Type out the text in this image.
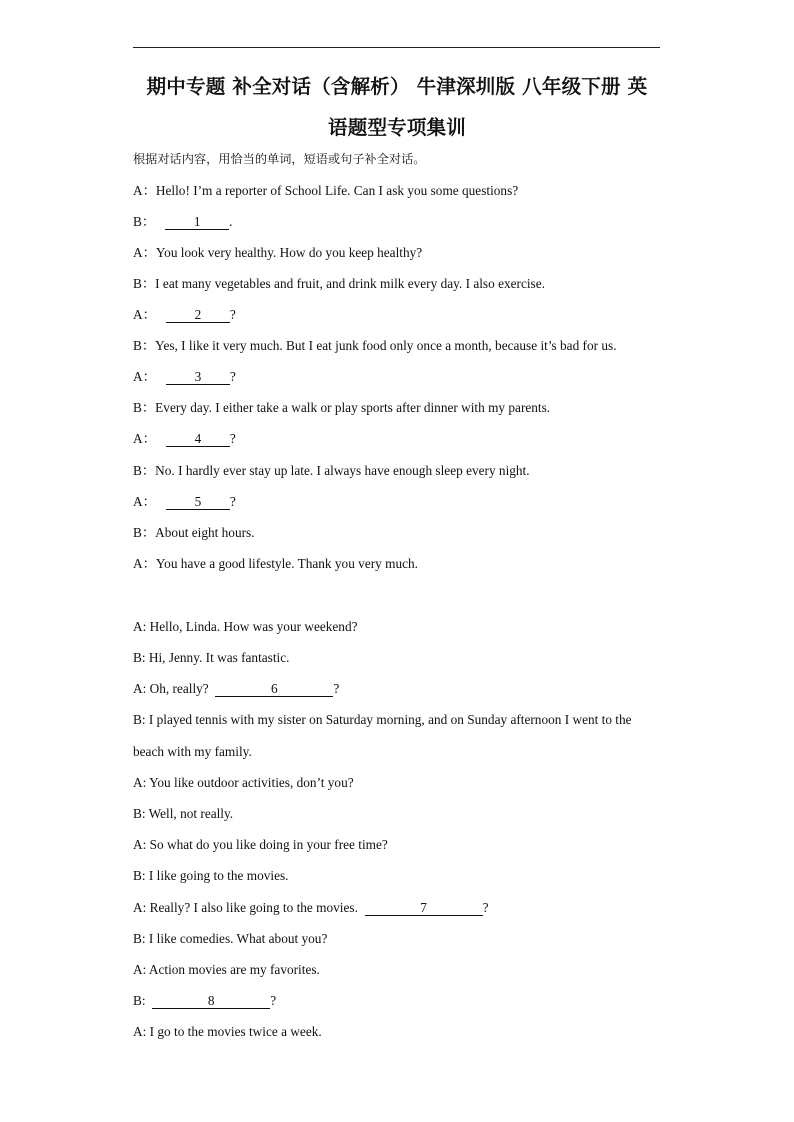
期中专题 补全对话（含解析） 牛津深圳版 八年级下册 英
语题型专项集训
根据对话内容，用恰当的单词，短语或句子补全对话。
A：Hello! I’m a reporter of School Life. Can I ask you some questions?
B：	1 .
A：You look very healthy. How do you keep healthy?
B：I eat many vegetables and fruit, and drink milk every day. I also exercise.
A：	2 ?
B：Yes, I like it very much. But I eat junk food only once a month, because it’s bad for us.
A：	3 ?
B：Every day. I either take a walk or play sports after dinner with my parents.
A：	4 ?
B：No. I hardly ever stay up late. I always have enough sleep every night.
A：	5 ?
B：About eight hours.
A：You have a good lifestyle. Thank you very much.
A: Hello, Linda. How was your weekend?
B: Hi, Jenny. It was fantastic.
A: Oh, really?	6	?
B: I played tennis with my sister on Saturday morning, and on Sunday afternoon I went to the
beach with my family.
A: You like outdoor activities, don’t you?
B: Well, not really.
A: So what do you like doing in your free time?
B: I like going to the movies.
A: Really? I also like going to the movies.	7	?
B: I like comedies. What about you?
A: Action movies are my favorites.
B:	8	?
A: I go to the movies twice a week.
